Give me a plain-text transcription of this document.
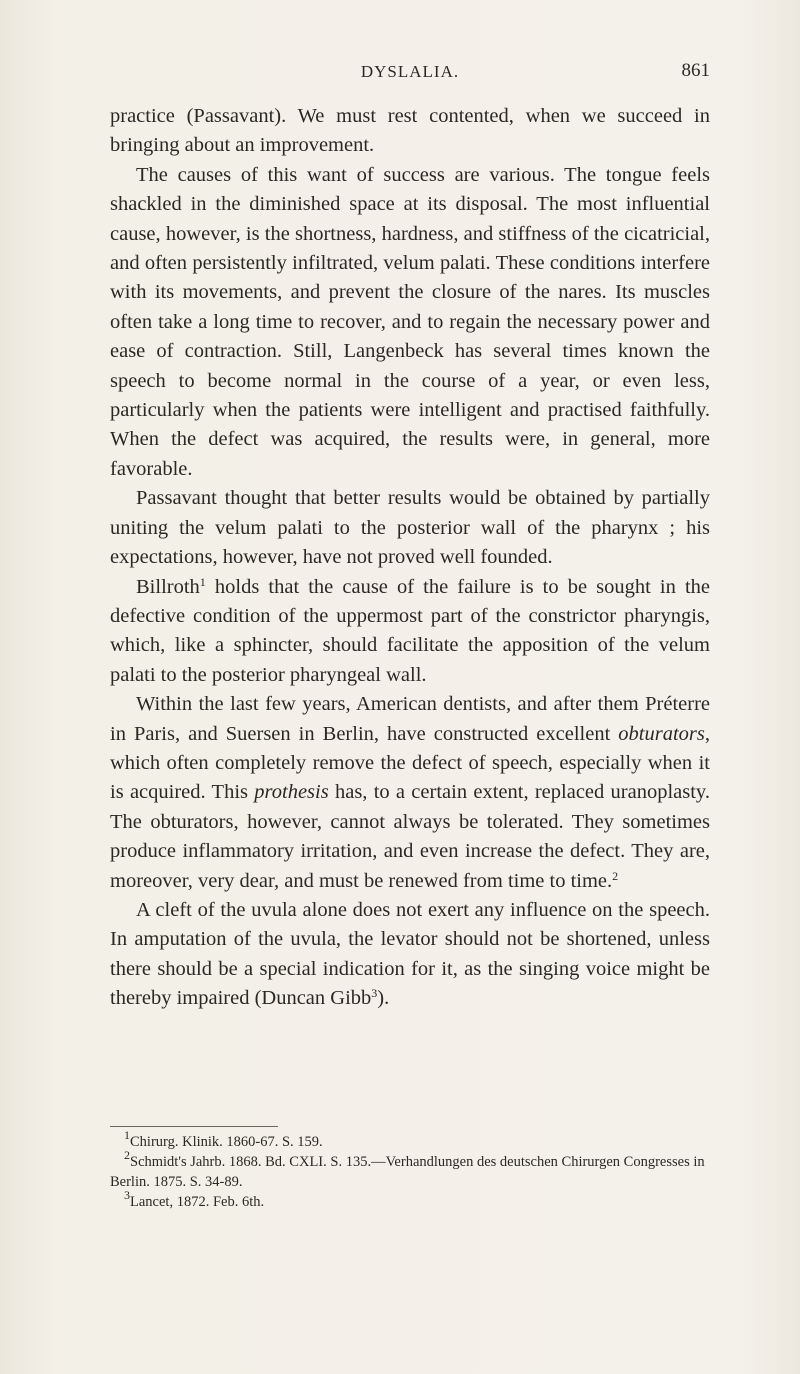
DYSLALIA.	861

practice (Passavant). We must rest contented, when we succeed in bringing about an improvement.

The causes of this want of success are various. The tongue feels shackled in the diminished space at its disposal. The most influential cause, however, is the shortness, hardness, and stiffness of the cicatricial, and often persistently infiltrated, velum palati. These conditions interfere with its movements, and prevent the closure of the nares. Its muscles often take a long time to recover, and to regain the necessary power and ease of contraction. Still, Langenbeck has several times known the speech to become normal in the course of a year, or even less, particularly when the patients were intelligent and practised faithfully. When the defect was acquired, the results were, in general, more favorable.

Passavant thought that better results would be obtained by partially uniting the velum palati to the posterior wall of the pharynx ; his expectations, however, have not proved well founded.

Billroth$^1$ holds that the cause of the failure is to be sought in the defective condition of the uppermost part of the constrictor pharyngis, which, like a sphincter, should facilitate the apposition of the velum palati to the posterior pharyngeal wall.

Within the last few years, American dentists, and after them Préterre in Paris, and Suersen in Berlin, have constructed excellent obturators, which often completely remove the defect of speech, especially when it is acquired. This prothesis has, to a certain extent, replaced uranoplasty. The obturators, however, cannot always be tolerated. They sometimes produce inflammatory irritation, and even increase the defect. They are, moreover, very dear, and must be renewed from time to time.$^2$

A cleft of the uvula alone does not exert any influence on the speech. In amputation of the uvula, the levator should not be shortened, unless there should be a special indication for it, as the singing voice might be thereby impaired (Duncan Gibb$^3$).

$^1$Chirurg. Klinik. 1860-67. S. 159.
$^2$Schmidt's Jahrb. 1868. Bd. CXLI. S. 135.—Verhandlungen des deutschen Chirurgen Congresses in Berlin. 1875. S. 34-89.
$^3$Lancet, 1872. Feb. 6th.
